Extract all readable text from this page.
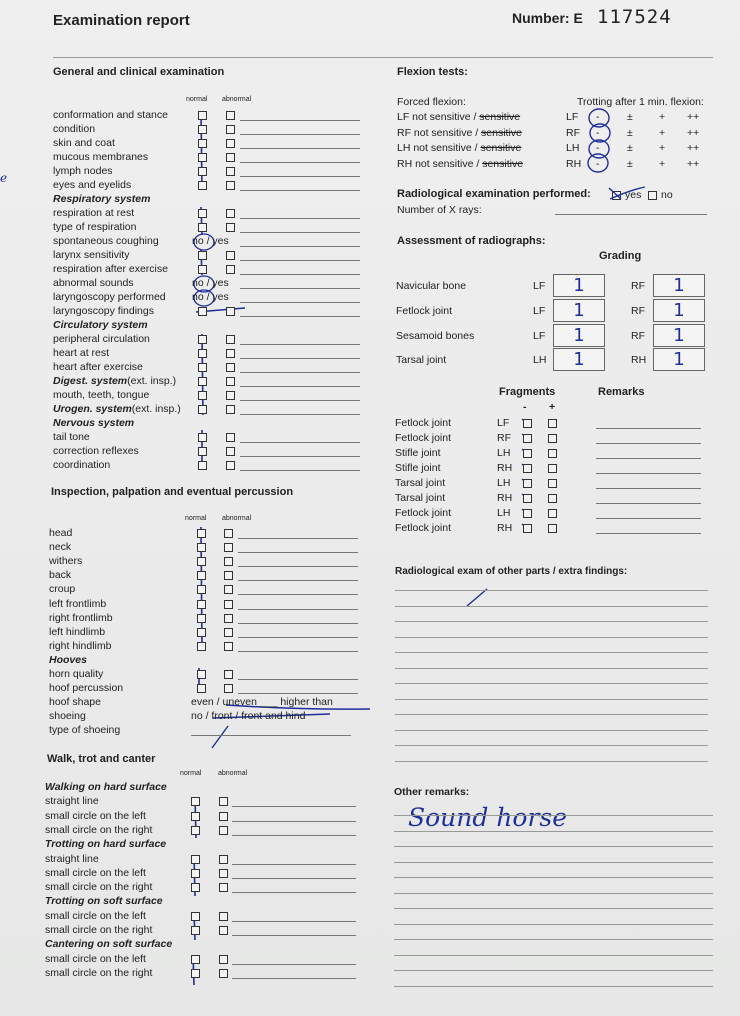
Examination report	Number: E 117524
General and clinical examination
normal abnormal
Inspection, palpation and eventual percussion
normal abnormal
Walk, trot and canter
normal abnormal
Flexion tests:
Forced flexion:	Trotting after 1 min. flexion:
Radiological examination performed:	yes no
Number of X rays:
Assessment of radiographs:
Grading
Fragments	Remarks
- +
Radiological exam of other parts / extra findings:
Other remarks:
Sound horse
e
conformation and stance
condition
skin and coat
mucous membranes
lymph nodes
eyes and eyelids
Respiratory system
respiration at rest
type of respiration
spontaneous coughing	no / yes
larynx sensitivity
respiration after exercise
abnormal sounds	no / yes
laryngoscopy performed	no / yes
laryngoscopy findings
Circulatory system
peripheral circulation
heart at rest
heart after exercise
Digest. system(ext. insp.)
mouth, teeth, tongue
Urogen. system(ext. insp.)
Nervous system
tail tone
correction reflexes
coordination
head
neck
withers
back
croup
left frontlimb
right frontlimb
left hindlimb
right hindlimb
Hooves
horn quality
hoof percussion
hoof shape	even / uneven ___ higher than
shoeing	no / front / front and hind
type of shoeing
Walking on hard surface
straight line
small circle on the left
small circle on the right
Trotting on hard surface
straight line
small circle on the left
small circle on the right
Trotting on soft surface
small circle on the left
small circle on the right
Cantering on soft surface
small circle on the left
small circle on the right
LF not sensitive / sensitive	LF -	± + ++
RF not sensitive / sensitive	RF -	± + ++
LH not sensitive / sensitive	LH -	± + ++
RH not sensitive / sensitive	RH -	± + ++
Navicular bone	LF	1	RF	1
Fetlock joint	LF	1	RF	1
Sesamoid bones	LF	1	RF	1
Tarsal joint	LH	1	RH	1
Fetlock joint	LF
Fetlock joint	RF
Stifle joint	LH
Stifle joint	RH
Tarsal joint	LH
Tarsal joint	RH
Fetlock joint	LH
Fetlock joint	RH
